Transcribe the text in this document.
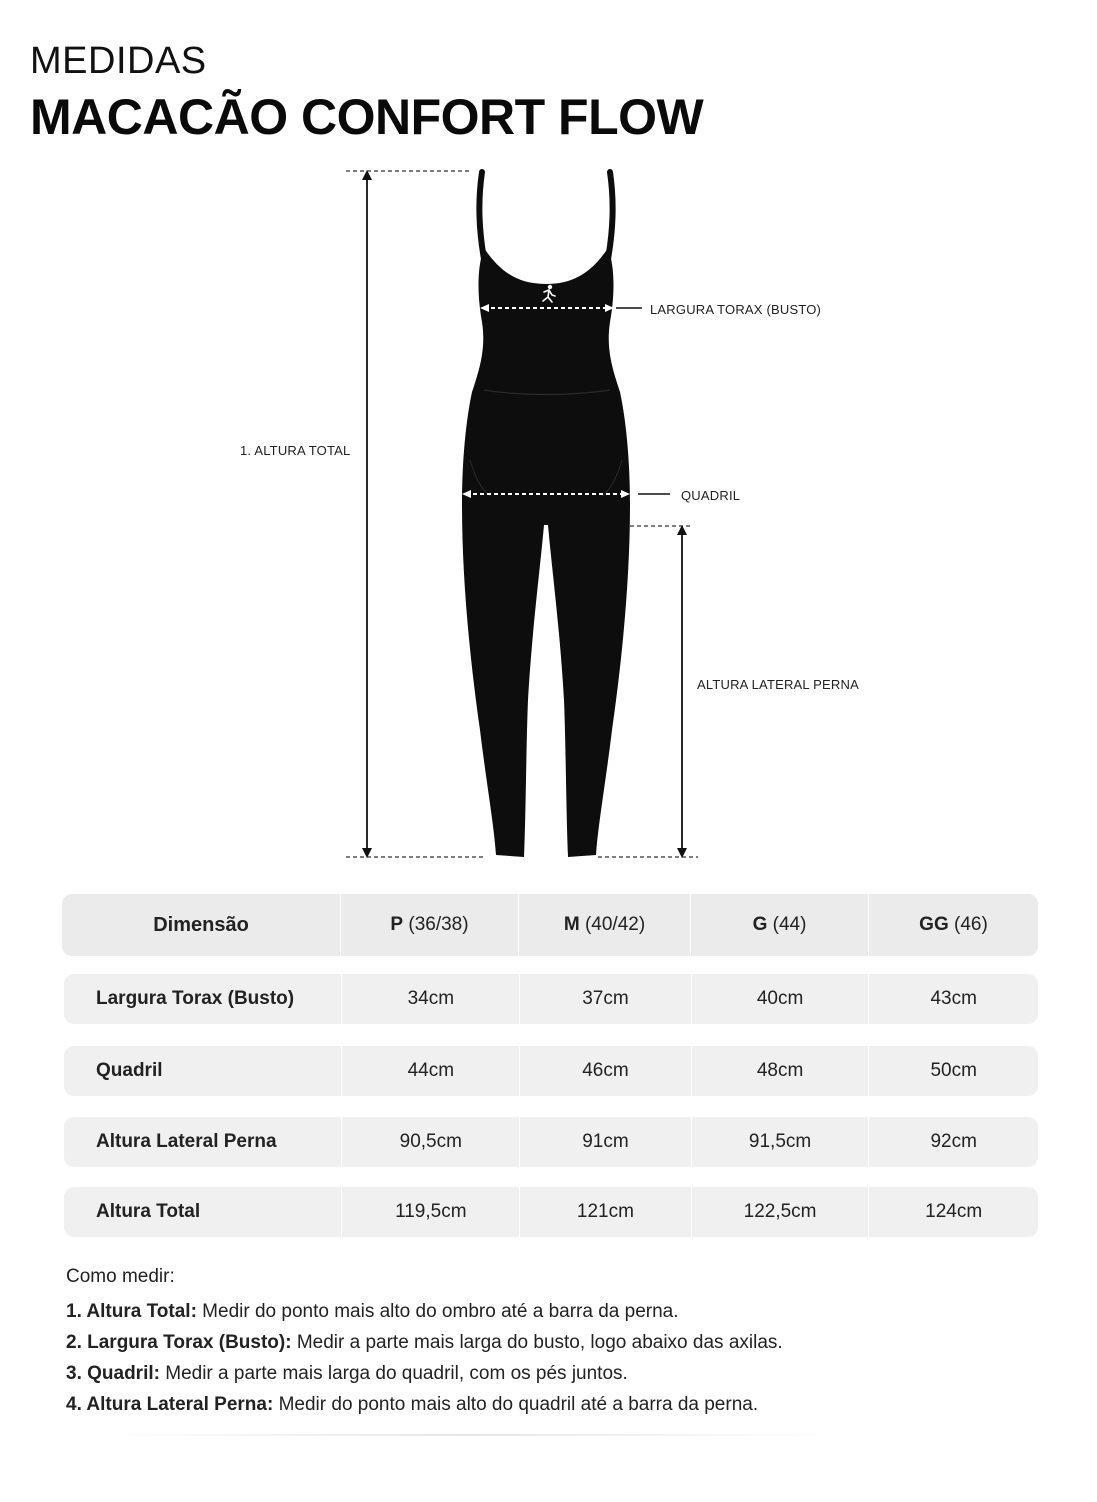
MEDIDAS
MACACÃO CONFORT FLOW
LARGURA TORAX (BUSTO)
1. ALTURA TOTAL
QUADRIL
ALTURA LATERAL PERNA
Dimensão	P (36/38)	M (40/42)	G (44)	GG (46)
Largura Torax (Busto)	34cm	37cm	40cm	43cm
Quadril	44cm	46cm	48cm	50cm
Altura Lateral Perna	90,5cm	91cm	91,5cm	92cm
Altura Total	119,5cm	121cm	122,5cm	124cm
Como medir:
1. Altura Total: Medir do ponto mais alto do ombro até a barra da perna.
2. Largura Torax (Busto): Medir a parte mais larga do busto, logo abaixo das axilas.
3. Quadril: Medir a parte mais larga do quadril, com os pés juntos.
4. Altura Lateral Perna: Medir do ponto mais alto do quadril até a barra da perna.
